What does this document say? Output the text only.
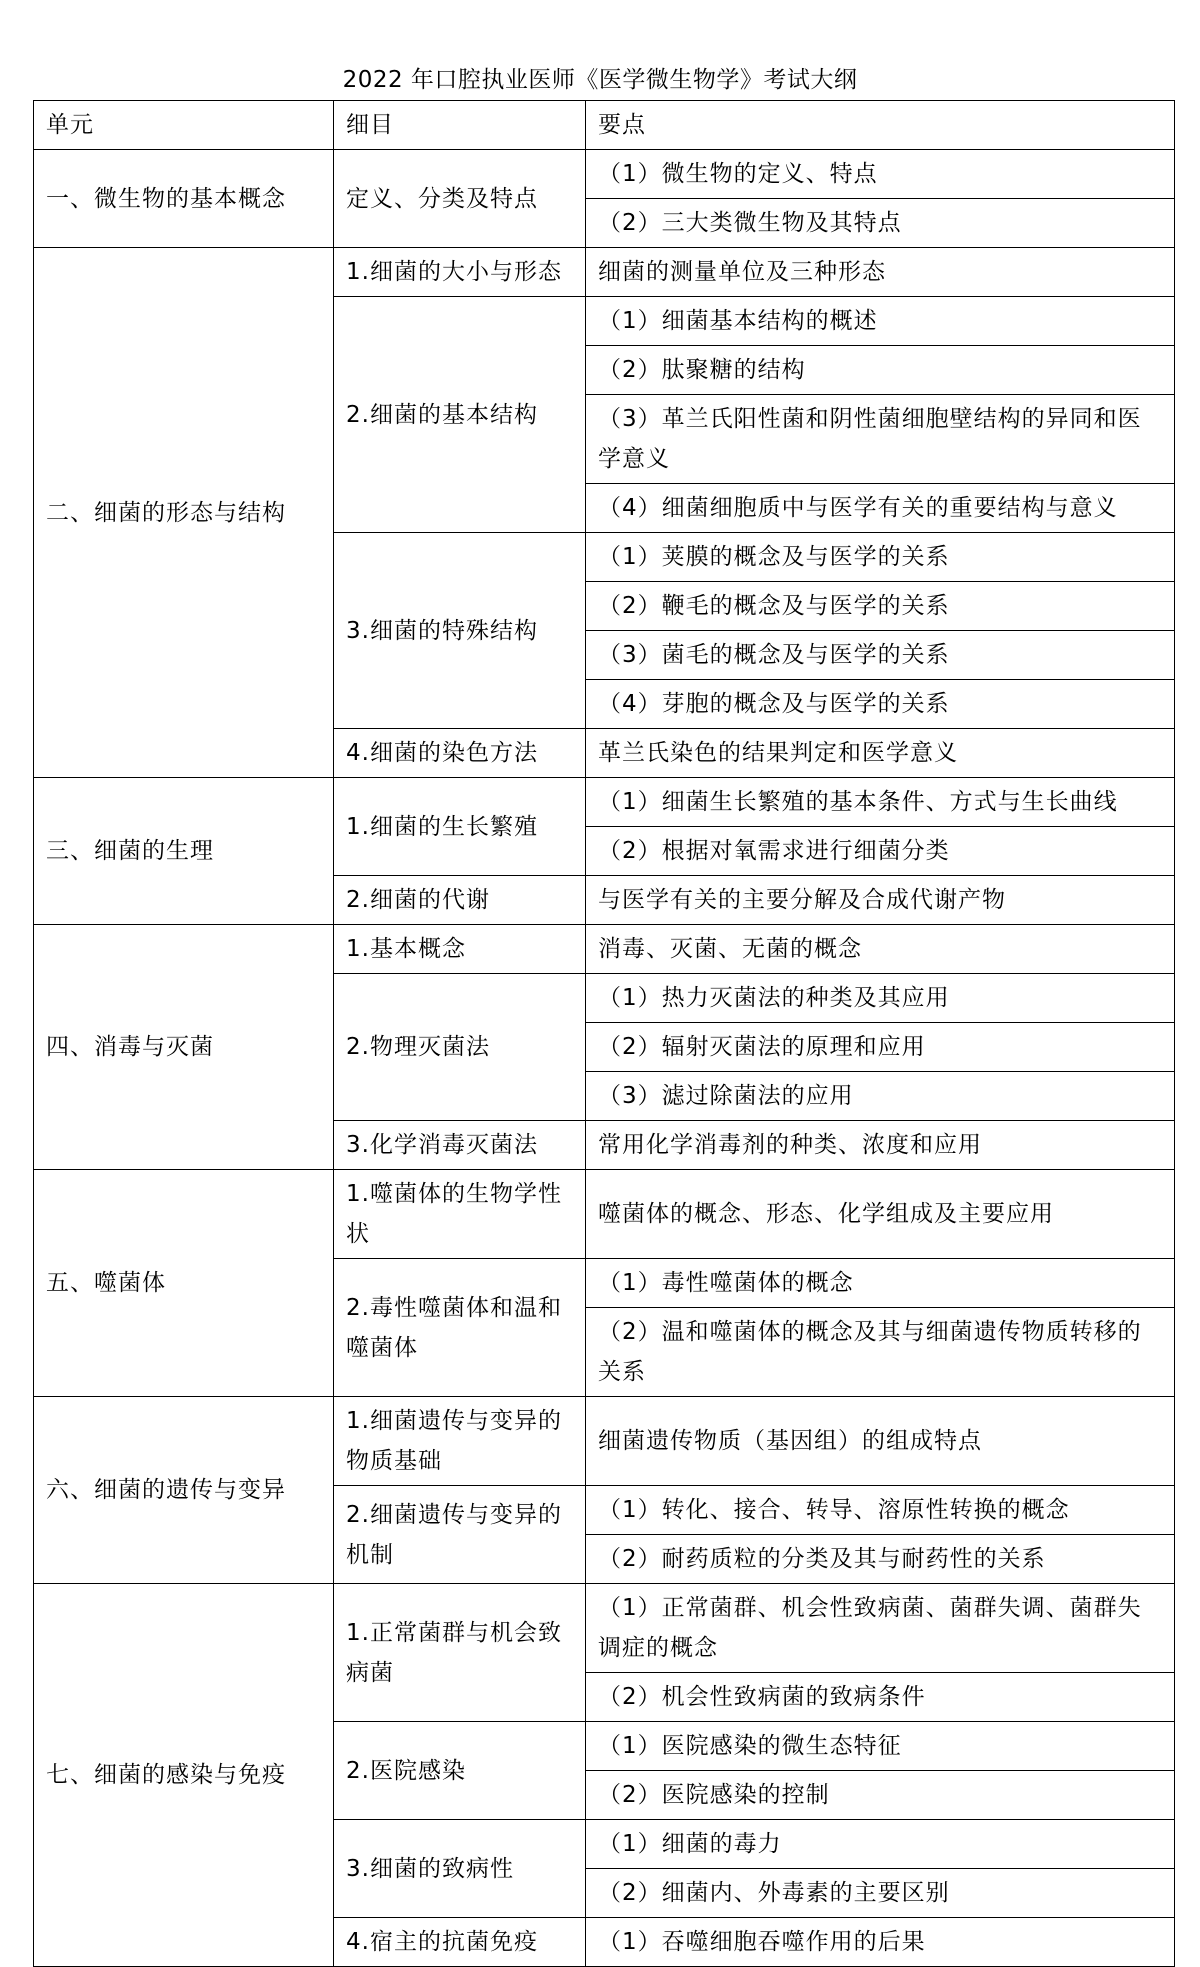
2022 年口腔执业医师《医学微生物学》考试大纲
单元	细目	要点
一、微生物的基本概念	定义、分类及特点	（1）微生物的定义、特点
		（2）三大类微生物及其特点
二、细菌的形态与结构	1.细菌的大小与形态	细菌的测量单位及三种形态
	2.细菌的基本结构	（1）细菌基本结构的概述
		（2）肽聚糖的结构
		（3）革兰氏阳性菌和阴性菌细胞壁结构的异同和医学意义
		（4）细菌细胞质中与医学有关的重要结构与意义
	3.细菌的特殊结构	（1）荚膜的概念及与医学的关系
		（2）鞭毛的概念及与医学的关系
		（3）菌毛的概念及与医学的关系
		（4）芽胞的概念及与医学的关系
	4.细菌的染色方法	革兰氏染色的结果判定和医学意义
三、细菌的生理	1.细菌的生长繁殖	（1）细菌生长繁殖的基本条件、方式与生长曲线
		（2）根据对氧需求进行细菌分类
	2.细菌的代谢	与医学有关的主要分解及合成代谢产物
四、消毒与灭菌	1.基本概念	消毒、灭菌、无菌的概念
	2.物理灭菌法	（1）热力灭菌法的种类及其应用
		（2）辐射灭菌法的原理和应用
		（3）滤过除菌法的应用
	3.化学消毒灭菌法	常用化学消毒剂的种类、浓度和应用
五、噬菌体	1.噬菌体的生物学性状	噬菌体的概念、形态、化学组成及主要应用
	2.毒性噬菌体和温和噬菌体	（1）毒性噬菌体的概念
		（2）温和噬菌体的概念及其与细菌遗传物质转移的关系
六、细菌的遗传与变异	1.细菌遗传与变异的物质基础	细菌遗传物质（基因组）的组成特点
	2.细菌遗传与变异的机制	（1）转化、接合、转导、溶原性转换的概念
		（2）耐药质粒的分类及其与耐药性的关系
七、细菌的感染与免疫	1.正常菌群与机会致病菌	（1）正常菌群、机会性致病菌、菌群失调、菌群失调症的概念
		（2）机会性致病菌的致病条件
	2.医院感染	（1）医院感染的微生态特征
		（2）医院感染的控制
	3.细菌的致病性	（1）细菌的毒力
		（2）细菌内、外毒素的主要区别
	4.宿主的抗菌免疫	（1）吞噬细胞吞噬作用的后果
